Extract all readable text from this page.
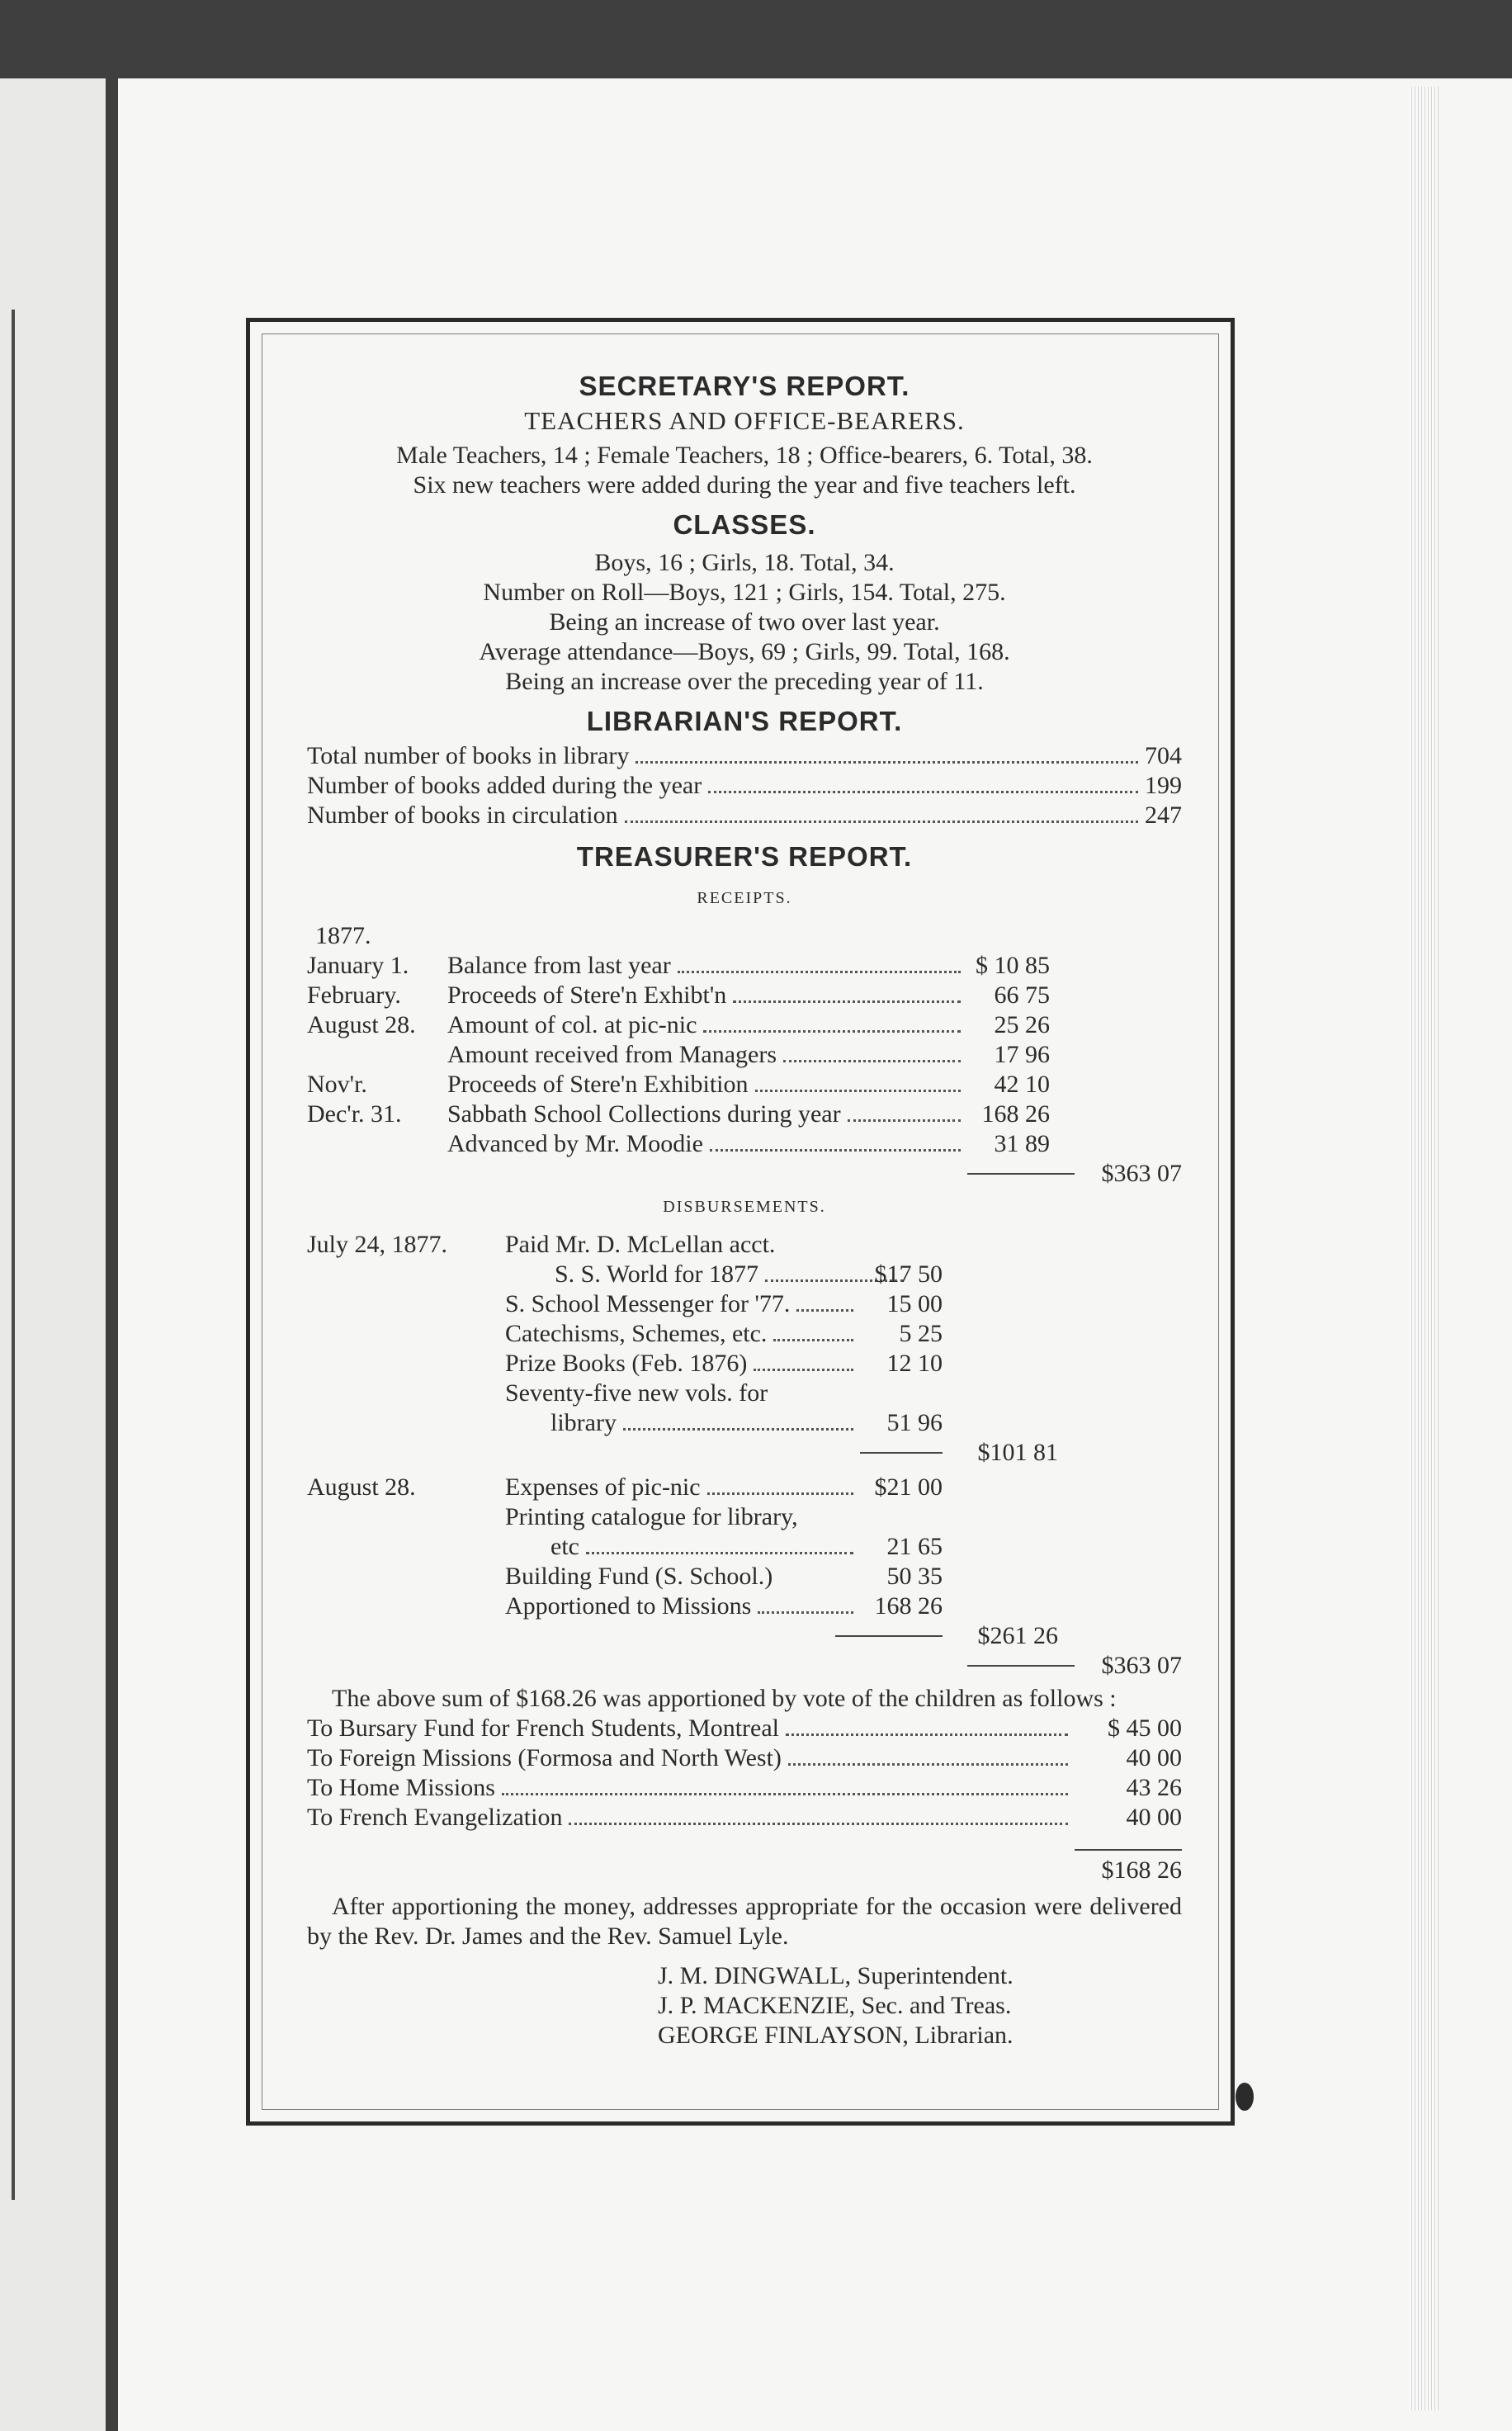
SECRETARY'S REPORT.
TEACHERS AND OFFICE-BEARERS.
Male Teachers, 14 ; Female Teachers, 18 ; Office-bearers, 6. Total, 38.
Six new teachers were added during the year and five teachers left.
CLASSES.
Boys, 16 ; Girls, 18. Total, 34.
Number on Roll—Boys, 121 ; Girls, 154. Total, 275.
Being an increase of two over last year.
Average attendance—Boys, 69 ; Girls, 99. Total, 168.
Being an increase over the preceding year of 11.
LIBRARIAN'S REPORT.
Total number of books in library	704
Number of books added during the year	199
Number of books in circulation	247
TREASURER'S REPORT.
RECEIPTS.
1877.
January 1.	Balance from last year	$ 10 85
February.	Proceeds of Stere'n Exhibt'n	66 75
August 28.	Amount of col. at pic-nic	25 26
Amount received from Managers	17 96
Nov'r.	Proceeds of Stere'n Exhibition	42 10
Dec'r. 31.	Sabbath School Collections during year	168 26
Advanced by Mr. Moodie	31 89
$363 07
DISBURSEMENTS.
July 24, 1877.	Paid Mr. D. McLellan acct.
S. S. World for 1877	$17 50
S. School Messenger for '77.	15 00
Catechisms, Schemes, etc.	5 25
Prize Books (Feb. 1876)	12 10
Seventy-five new vols. for
library	51 96
$101 81
August 28.	Expenses of pic-nic	$21 00
Printing catalogue for library,
etc	21 65
Building Fund (S. School.)	50 35
Apportioned to Missions	168 26
$261 26
$363 07
The above sum of $168.26 was apportioned by vote of the children as follows :
To Bursary Fund for French Students, Montreal	$ 45 00
To Foreign Missions (Formosa and North West)	40 00
To Home Missions	43 26
To French Evangelization	40 00
$168 26
After apportioning the money, addresses appropriate for the occasion were delivered by the Rev. Dr. James and the Rev. Samuel Lyle.
J. M. DINGWALL, Superintendent.
J. P. MACKENZIE, Sec. and Treas.
GEORGE FINLAYSON, Librarian.
